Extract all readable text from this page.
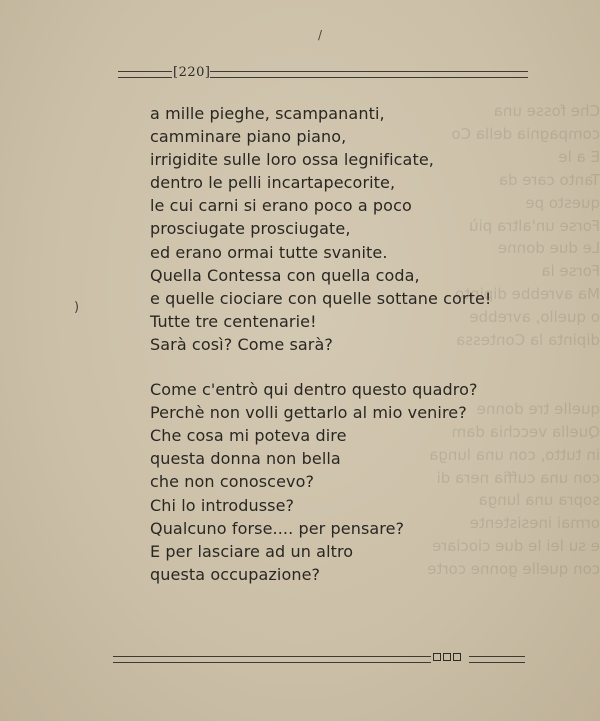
Che fosse una
compagnia della Co
E a le
Tanto care da
questo pe
Forse un'altra più
Le due donne
Forse la
Ma avrebbe dipinto
o quello, avrebbe
dipinta la Contessa

quelle tre donne
Quella vecchia dam
in tutto, con una lunga
con una cuffia nera di
sopra una lunga
ormai inesistente
e su lei le due ciociare
con quelle gonne corte
[220]
a mille pieghe, scampananti,
camminare piano piano,
irrigidite sulle loro ossa legnificate,
dentro le pelli incartapecorite,
le cui carni si erano poco a poco
prosciugate prosciugate,
ed erano ormai tutte svanite.
Quella Contessa con quella coda,
e quelle ciociare con quelle sottane corte!
Tutte tre centenarie!
Sarà così? Come sarà?
Come c'entrò qui dentro questo quadro?
Perchè non volli gettarlo al mio venire?
Che cosa mi poteva dire
questa donna non bella
che non conoscevo?
Chi lo introdusse?
Qualcuno forse.... per pensare?
E per lasciare ad un altro
questa occupazione?
)
/
